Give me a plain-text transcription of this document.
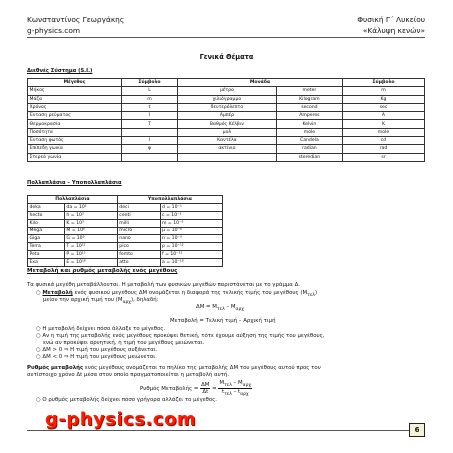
Κωνσταντίνος Γεωργάκης
g-physics.com
Φυσική Γ΄ Λυκείου
«Κάλυψη κενών»
Γενικά Θέματα
Διεθνές Σύστημα (S.I.)
Μέγεθος	Σύμβολο	Μονάδα		Σύμβολο
Μήκος	L	μέτρο	meter	m
Μάζα	m	χιλιόγραμμο	Kilogram	Kg
Χρόνος	t	δευτερόλεπτο	second	sec
Ένταση ρεύματος	I	Αμπέρ	Amperes	A
Θερμοκρασία	T	Βαθμός Κέλβιν	Kelvin	K
Ποσότητα		μολ	mole	mole
Ένταση φωτός	I	Καντέλα	Candela	cd
Επίπεδη γωνία	φ	ακτίνιο	radian	rad
Στερεά γωνία			steredian	sr
Πολλαπλάσια – Υποπολλαπλάσια
Πολλαπλάσια		Υποπολλαπλάσια	
deka	da = 10¹	deci	d = 10⁻¹
hecto	h = 10²	centi	c = 10⁻²
Kilo	K = 10³	milli	m = 10⁻³
Mega	M = 10⁶	micro	μ = 10⁻⁶
Giga	G = 10⁹	nano	n = 10⁻⁹
Terra	T = 10¹²	pico	p = 10⁻¹²
Peta	P = 10¹⁵	femto	f = 10⁻¹⁵
Exa	E = 10¹⁸	atto	a = 10⁻¹⁸
Μεταβολή και ρυθμός μεταβολής ενός μεγέθους
Τα φυσικά μεγέθη μεταβάλλονται. Η μεταβολή των φυσικών μεγεθών παριστάνεται με το γράμμα Δ.
○ Μεταβολή ενός φυσικού μεγέθους ΔM ονομάζεται η διαφορά της τελικής τιμής του μεγέθους $(M_{\tau\varepsilon\lambda})$
μείον την αρχική τιμή του $(M_{\alpha\rho\chi})$, δηλαδή:
$\Delta M = M_{\tau\varepsilon\lambda} - M_{\alpha\rho\chi}$
Μεταβολή = Τελική τιμή – Αρχική τιμή
○ Η μεταβολή δείχνει πόσο άλλαξε το μέγεθος.
○ Αν η τιμή της μεταβολής ενός μεγέθους προκύψει θετική, τότε έχουμε αύξηση της τιμής του μεγέθους,
ενώ αν προκύψει αρνητική, η τιμή του μεγέθους μειώνεται.
○ ΔM > 0 ⇒ Η τιμή του μεγέθους αυξάνεται.
○ ΔM < 0 ⇒ Η τιμή του μεγέθους μειώνεται.
Ρυθμός μεταβολής ενός μεγέθους ονομάζεται το πηλίκο της μεταβολής ΔM του μεγέθους αυτού προς τον
αντίστοιχο χρόνο Δt μέσα στον οποίο πραγματοποιείται η μεταβολή αυτή.
Ρυθμός $M\varepsilon\tau\alpha\beta o\lambda ή\varsigma = \frac{\Delta M}{\Delta t} = \frac{M_{\tau\varepsilon\lambda} - M_{\alpha\rho\chi}}{t_{\tau\varepsilon\lambda} - t_{\alpha\rho\chi}}$
○ Ο ρυθμός μεταβολής δείχνει πόσο γρήγορα αλλάζει το μέγεθος.
g-physics.com	6
